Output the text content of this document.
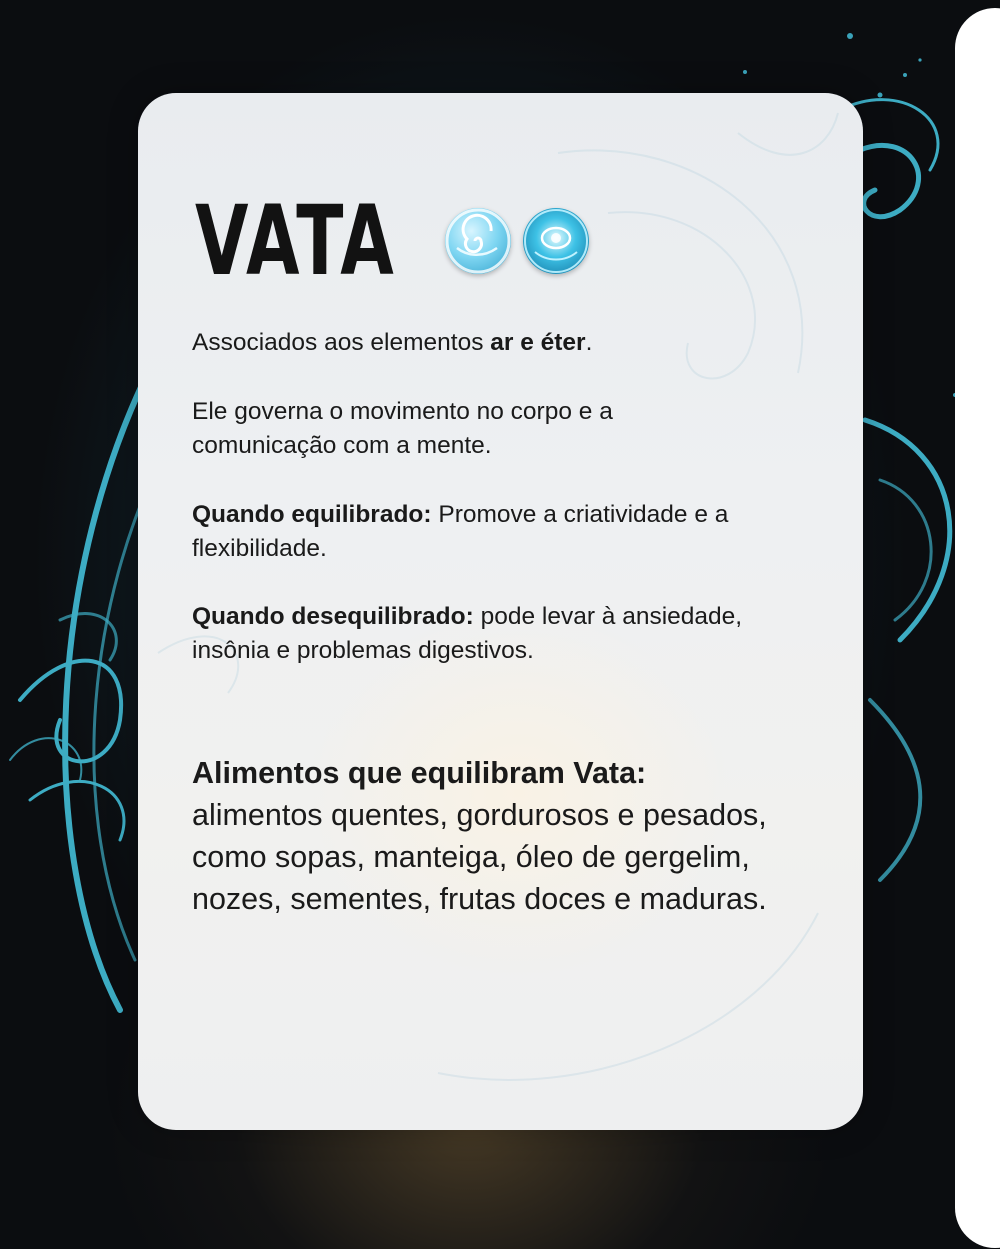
VATA
Associados aos elementos ar e éter.
Ele governa o movimento no corpo e a comunicação com a mente.
Quando equilibrado: Promove a criatividade e a flexibilidade.
Quando desequilibrado: pode levar à ansiedade, insônia e problemas digestivos.
Alimentos que equilibram Vata:
alimentos quentes, gordurosos e pesados, como sopas, manteiga, óleo de gergelim, nozes, sementes, frutas doces e maduras.
